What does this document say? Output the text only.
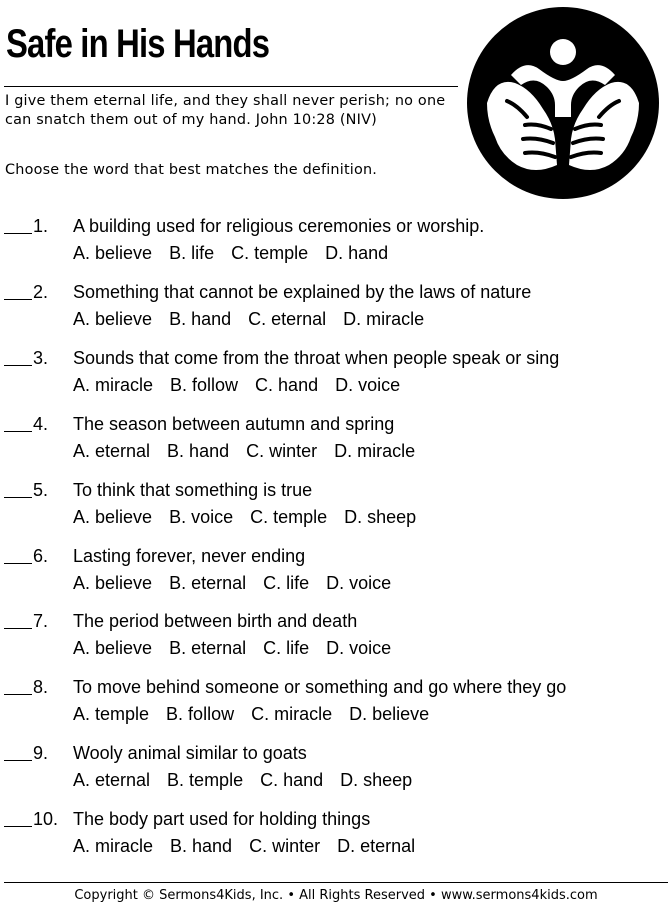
Safe in His Hands
I give them eternal life, and they shall never perish; no one can snatch them out of my hand. John 10:28 (NIV)
Choose the word that best matches the definition.
1. A building used for religious ceremonies or worship.
A. believe B. life C. temple D. hand
2. Something that cannot be explained by the laws of nature
A. believe B. hand C. eternal D. miracle
3. Sounds that come from the throat when people speak or sing
A. miracle B. follow C. hand D. voice
4. The season between autumn and spring
A. eternal B. hand C. winter D. miracle
5. To think that something is true
A. believe B. voice C. temple D. sheep
6. Lasting forever, never ending
A. believe B. eternal C. life D. voice
7. The period between birth and death
A. believe B. eternal C. life D. voice
8. To move behind someone or something and go where they go
A. temple B. follow C. miracle D. believe
9. Wooly animal similar to goats
A. eternal B. temple C. hand D. sheep
10. The body part used for holding things
A. miracle B. hand C. winter D. eternal
Copyright © Sermons4Kids, Inc. • All Rights Reserved • www.sermons4kids.com
